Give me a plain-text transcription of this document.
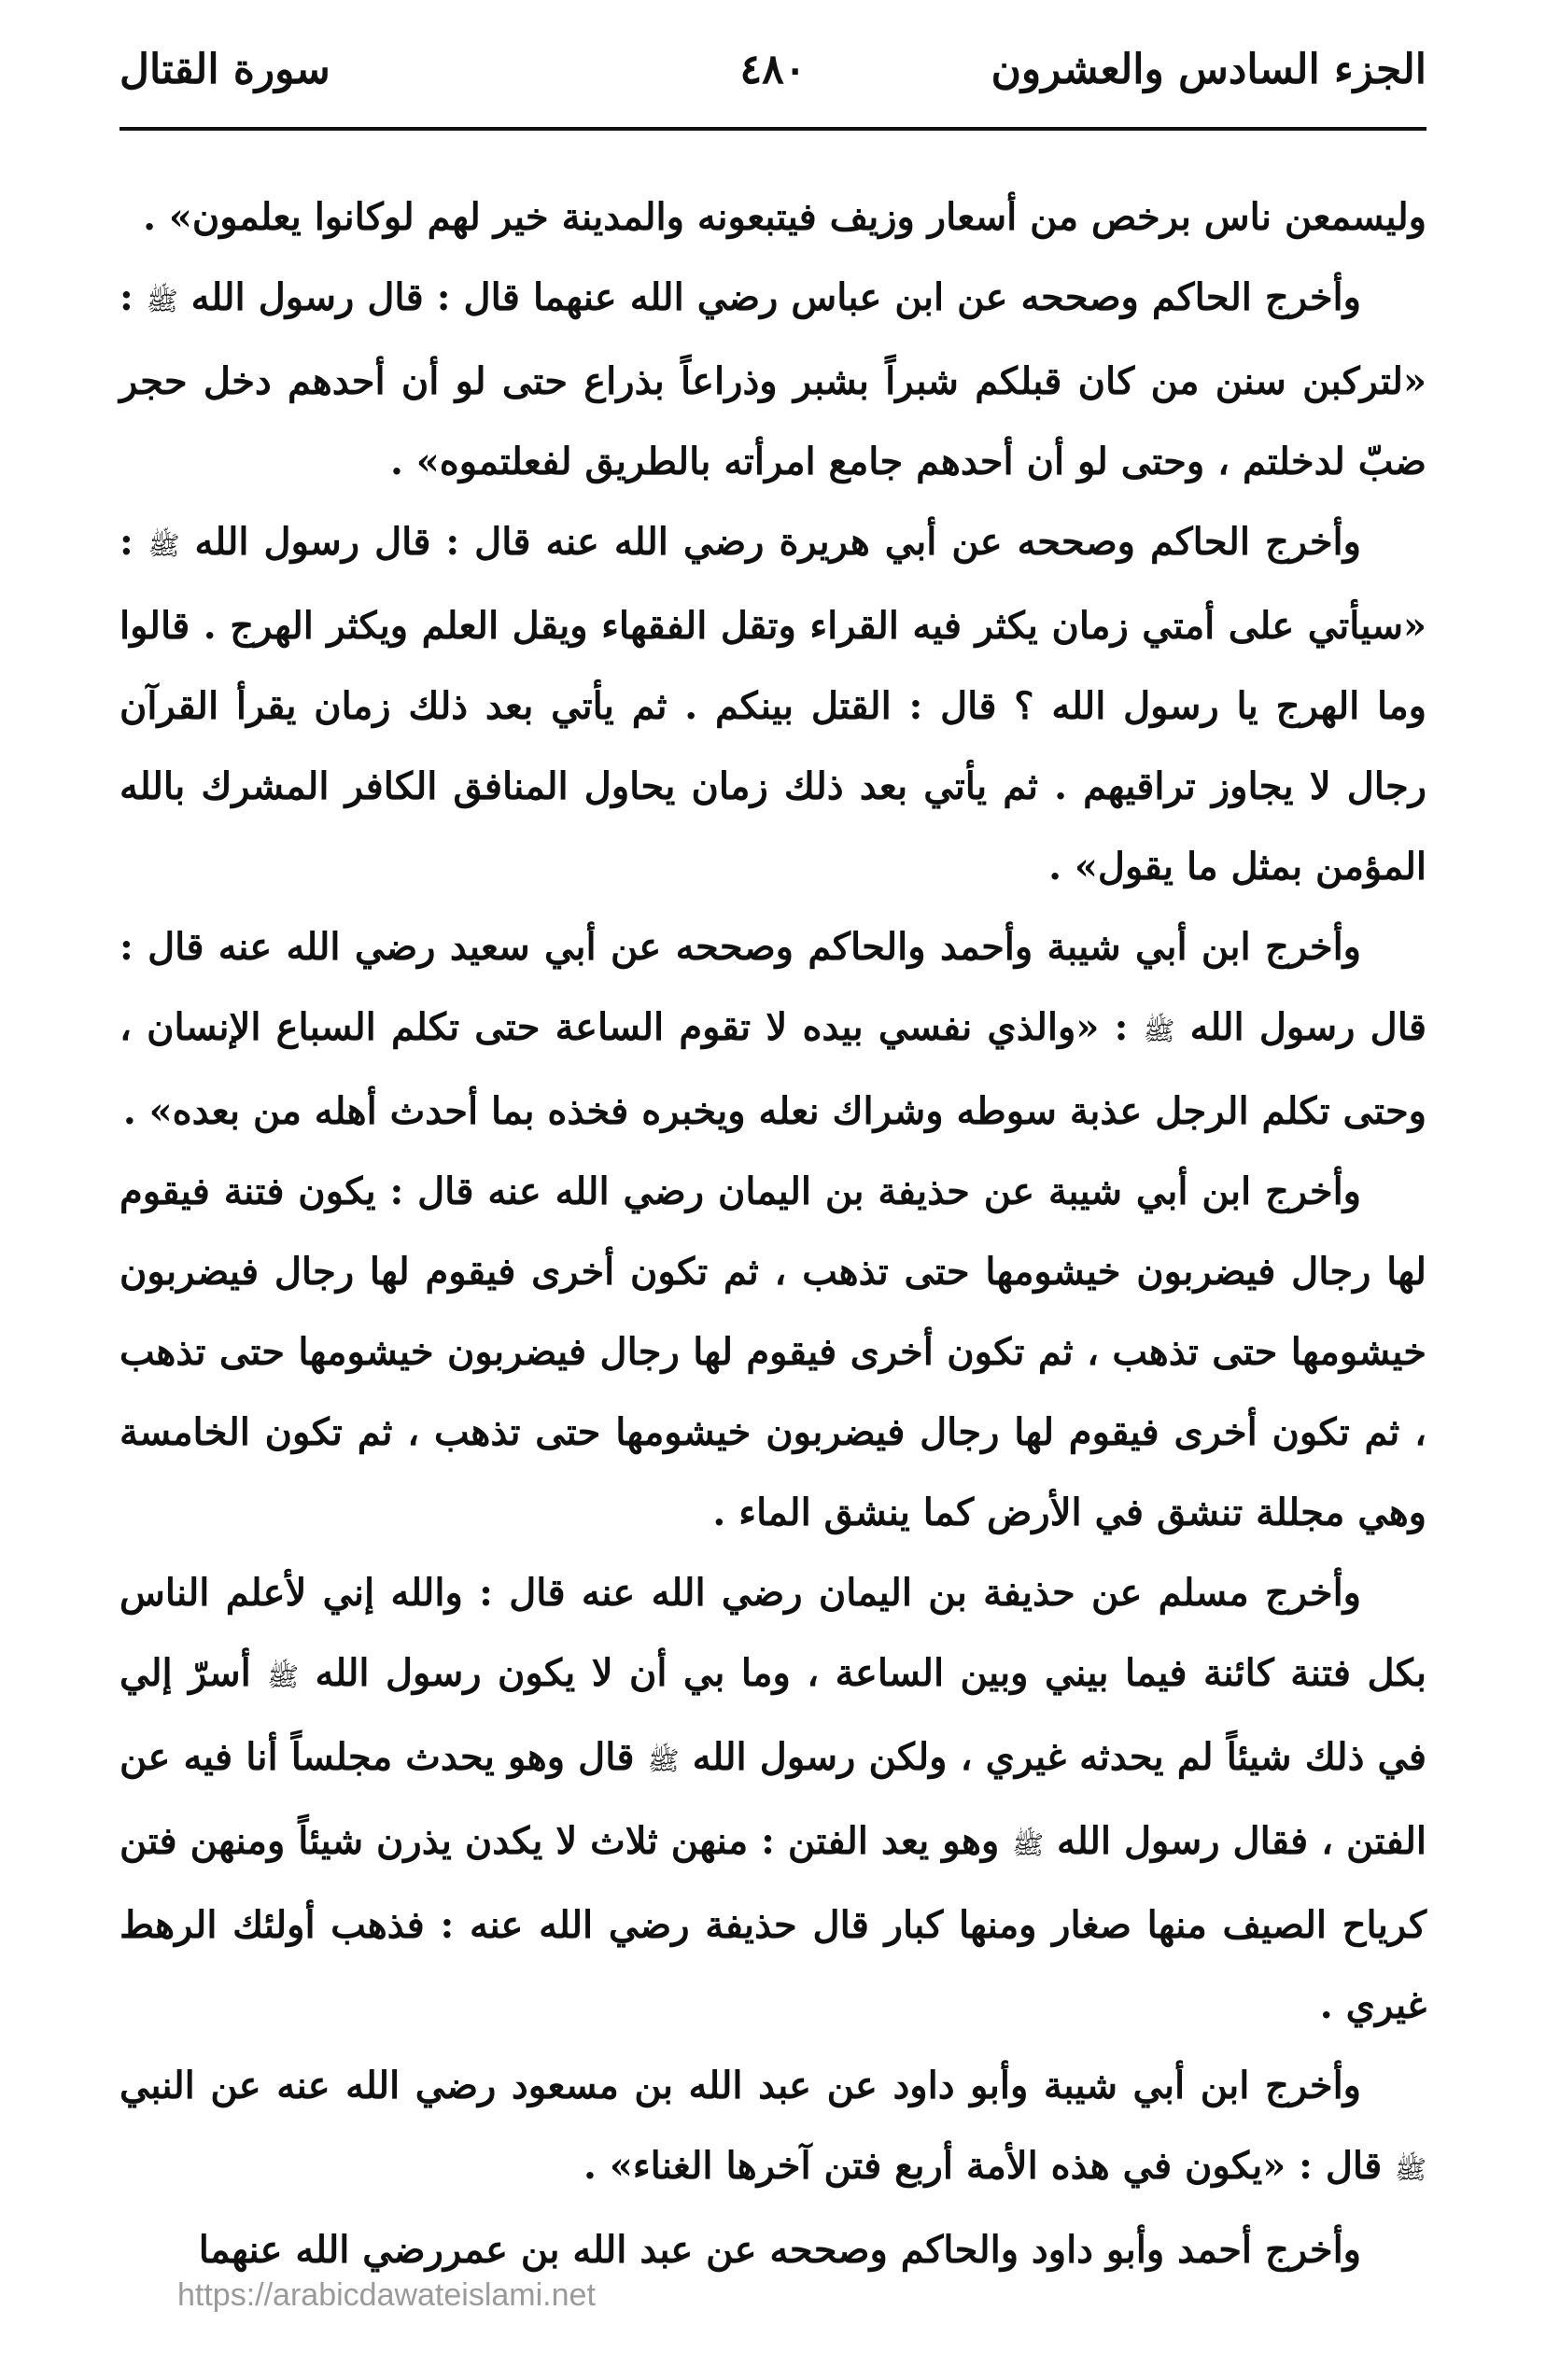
الجزء السادس والعشرون
٤٨٠
سورة القتال

وليسمعن ناس برخص من أسعار وزيف فيتبعونه والمدينة خير لهم لوكانوا يعلمون» .

وأخرج الحاكم وصححه عن ابن عباس رضي الله عنهما قال : قال رسول الله ﷺ : «لتركبن سنن من كان قبلكم شبراً بشبر وذراعاً بذراع حتى لو أن أحدهم دخل حجر ضبّ لدخلتم ، وحتى لو أن أحدهم جامع امرأته بالطريق لفعلتموه» .

وأخرج الحاكم وصححه عن أبي هريرة رضي الله عنه قال : قال رسول الله ﷺ : «سيأتي على أمتي زمان يكثر فيه القراء وتقل الفقهاء ويقل العلم ويكثر الهرج . قالوا وما الهرج يا رسول الله ؟ قال : القتل بينكم . ثم يأتي بعد ذلك زمان يقرأ القرآن رجال لا يجاوز تراقيهم . ثم يأتي بعد ذلك زمان يحاول المنافق الكافر المشرك بالله المؤمن بمثل ما يقول» .

وأخرج ابن أبي شيبة وأحمد والحاكم وصححه عن أبي سعيد رضي الله عنه قال : قال رسول الله ﷺ : «والذي نفسي بيده لا تقوم الساعة حتى تكلم السباع الإنسان ، وحتى تكلم الرجل عذبة سوطه وشراك نعله ويخبره فخذه بما أحدث أهله من بعده» .

وأخرج ابن أبي شيبة عن حذيفة بن اليمان رضي الله عنه قال : يكون فتنة فيقوم لها رجال فيضربون خيشومها حتى تذهب ، ثم تكون أخرى فيقوم لها رجال فيضربون خيشومها حتى تذهب ، ثم تكون أخرى فيقوم لها رجال فيضربون خيشومها حتى تذهب ، ثم تكون أخرى فيقوم لها رجال فيضربون خيشومها حتى تذهب ، ثم تكون الخامسة وهي مجللة تنشق في الأرض كما ينشق الماء .

وأخرج مسلم عن حذيفة بن اليمان رضي الله عنه قال : والله إني لأعلم الناس بكل فتنة كائنة فيما بيني وبين الساعة ، وما بي أن لا يكون رسول الله ﷺ أسرّ إلي في ذلك شيئاً لم يحدثه غيري ، ولكن رسول الله ﷺ قال وهو يحدث مجلساً أنا فيه عن الفتن ، فقال رسول الله ﷺ وهو يعد الفتن : منهن ثلاث لا يكدن يذرن شيئاً ومنهن فتن كرياح الصيف منها صغار ومنها كبار قال حذيفة رضي الله عنه : فذهب أولئك الرهط غيري .

وأخرج ابن أبي شيبة وأبو داود عن عبد الله بن مسعود رضي الله عنه عن النبي ﷺ قال : «يكون في هذه الأمة أربع فتن آخرها الغناء» .

وأخرج أحمد وأبو داود والحاكم وصححه عن عبد الله بن عمررضي الله عنهما

https://arabicdawateislami.net
